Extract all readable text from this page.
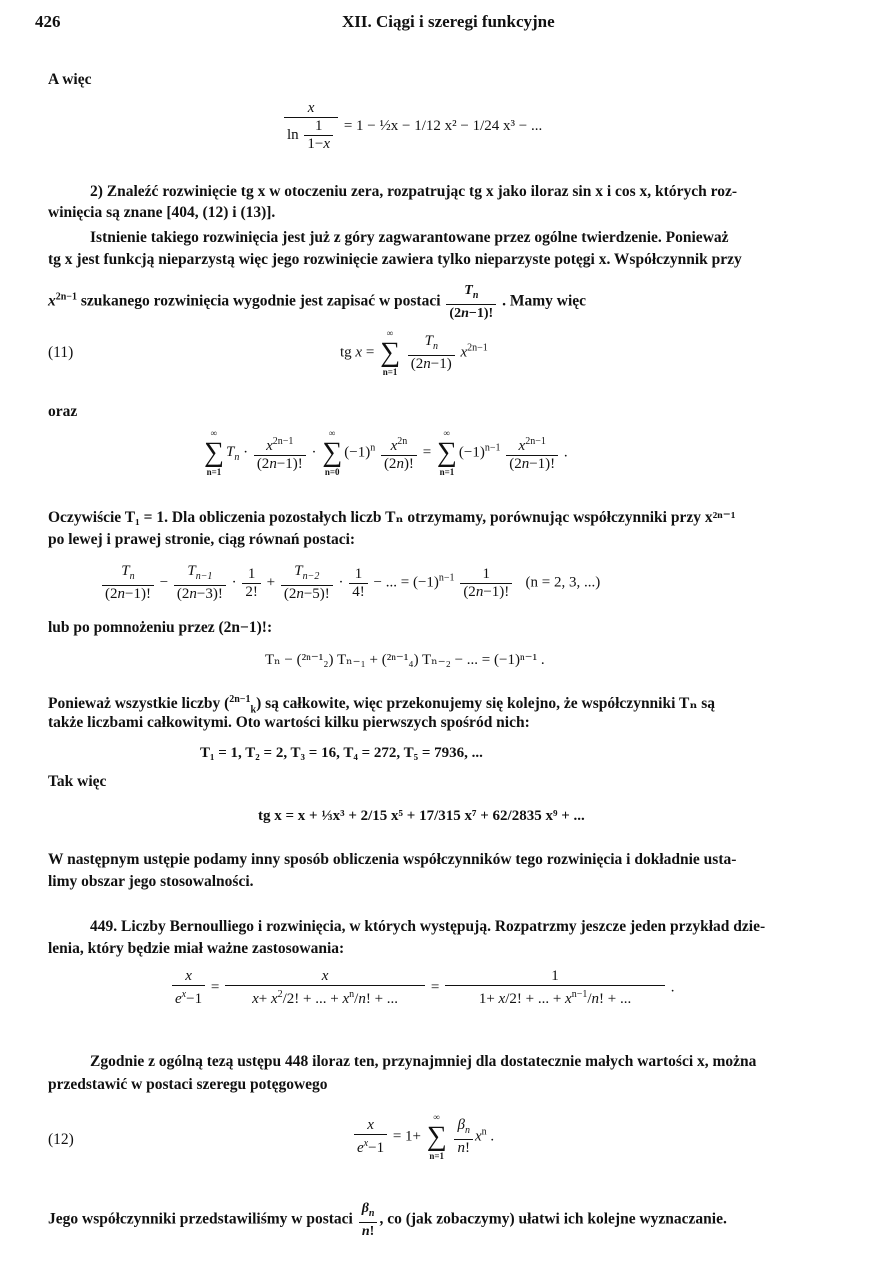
426	XII. Ciągi i szeregi funkcyjne
A więc
$\frac{x}{\ln \frac{1}{1-x}} = 1$ − ½x − 1/12 x² − 1/24 x³ − ...
2) Znaleźć rozwinięcie tg x w otoczeniu zera, rozpatrując tg x jako iloraz sin x i cos x, których roz-
winięcia są znane [404, (12) i (13)].
Istnienie takiego rozwinięcia jest już z góry zagwarantowane przez ogólne twierdzenie. Ponieważ
tg x jest funkcją nieparzystą więc jego rozwinięcie zawiera tylko nieparzyste potęgi x. Współczynnik przy
$x^{2n-1}$ szukanego rozwinięcia wygodnie jest zapisać w postaci $\frac{T_n}{(2n-1)!}$ . Mamy więc
(11)	tg x =
∞
∑
n=1
$\frac{T_n}{(2n-1)} x^{2n-1}$
oraz
∞
∑
n=1
$T_n \cdot \frac{x^{2n-1}}{(2n-1)!}$ ·
∞
∑
n=0
$(-1)^n \frac{x^{2n}}{(2n)!}$ =
∞
∑
n=1
$(-1)^{n-1} \frac{x^{2n-1}}{(2n-1)!}$ .
Oczywiście T₁ = 1. Dla obliczenia pozostałych liczb Tₙ otrzymamy, porównując współczynniki przy x²ⁿ⁻¹
po lewej i prawej stronie, ciąg równań postaci:
$\frac{T_n}{(2n-1)!} - \frac{T_{n-1}}{(2n-3)!} \cdot \frac{1}{2!} + \frac{T_{n-2}}{(2n-5)!} \cdot \frac{1}{4!}$ − ... = $(-1)^{n-1} \frac{1}{(2n-1)!} (n = 2$, 3, ...)
lub po pomnożeniu przez (2n−1)!:
Tₙ − (²ⁿ⁻¹₂) Tₙ₋₁ + (²ⁿ⁻¹₄) Tₙ₋₂ − ... = (−1)ⁿ⁻¹ .
Ponieważ wszystkie liczby ($^{2n-1}_k$) są całkowite, więc przekonujemy się kolejno, że współczynniki Tₙ są
także liczbami całkowitymi. Oto wartości kilku pierwszych spośród nich:
T₁ = 1, T₂ = 2, T₃ = 16, T₄ = 272, T₅ = 7936, ...
Tak więc
tg x = x + ⅓x³ + 2/15 x⁵ + 17/315 x⁷ + 62/2835 x⁹ + ...
W następnym ustępie podamy inny sposób obliczenia współczynników tego rozwinięcia i dokładnie usta-
limy obszar jego stosowalności.
449. Liczby Bernoulliego i rozwinięcia, w których występują. Rozpatrzmy jeszcze jeden przykład dzie-
lenia, który będzie miał ważne zastosowania:
$\frac{x}{e^x-1} = \frac{x}{x+ x^2/2! + ... + x^n/n! + ...} = \frac{1}{1+ x/2! + ... + x^{n-1}/n! + ...}$ .
Zgodnie z ogólną tezą ustępu 448 iloraz ten, przynajmniej dla dostatecznie małych wartości x, można
przedstawić w postaci szeregu potęgowego
(12)	$\frac{x}{e^x-1} = 1+$
∞
∑
n=1
$\frac{\beta_n}{n!} x^n$ .
Jego współczynniki przedstawiliśmy w postaci $\frac{\beta_n}{n!}$ , co (jak zobaczymy) ułatwi ich kolejne wyznaczanie.
